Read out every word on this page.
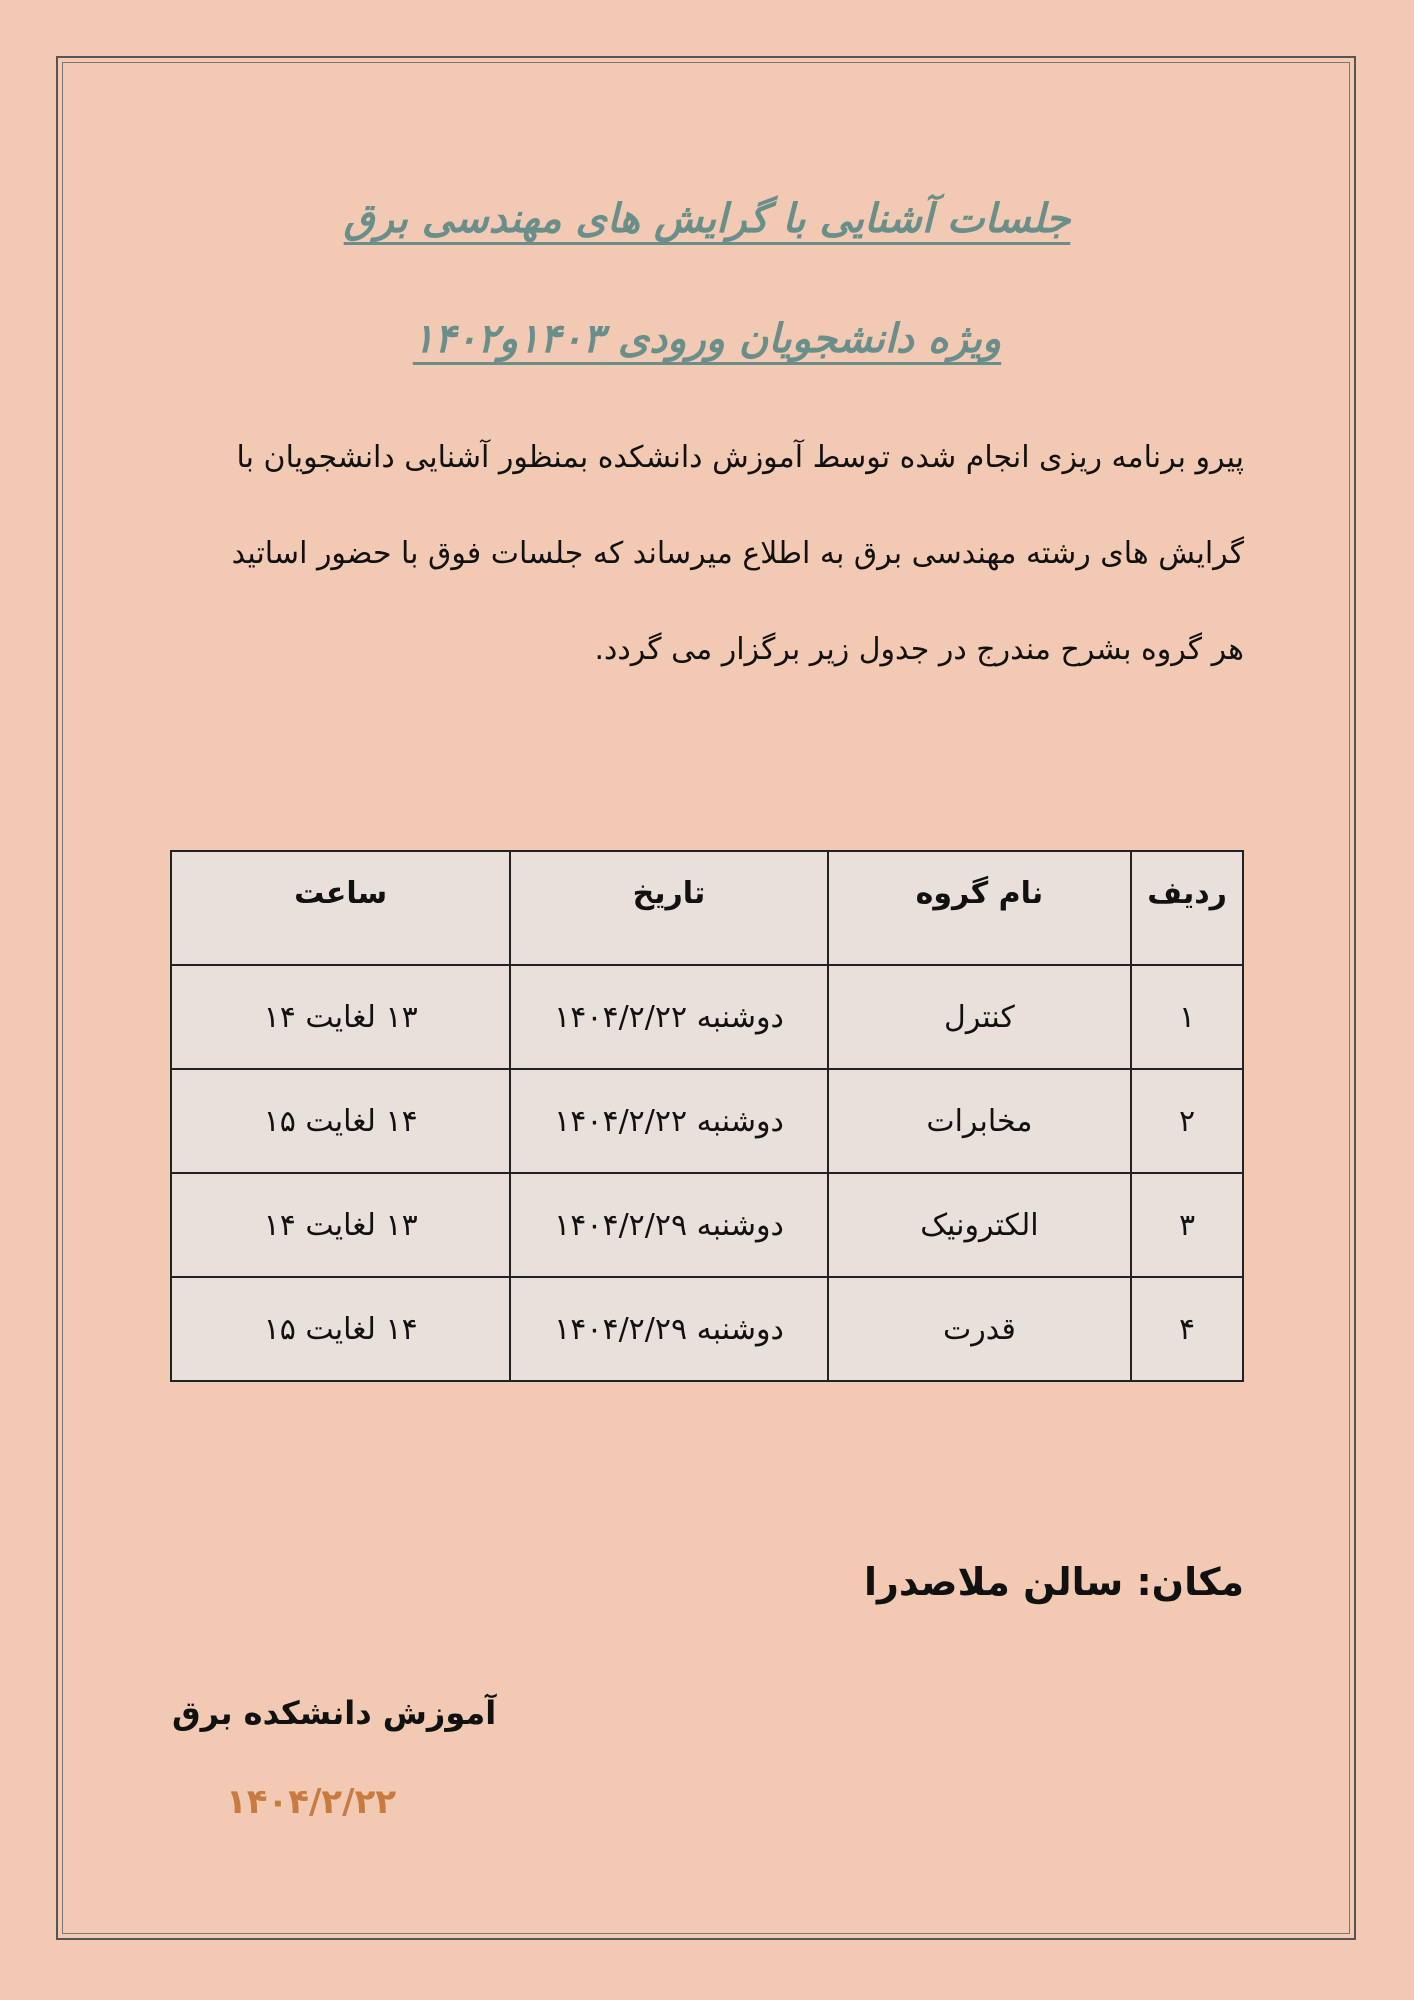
جلسات آشنایی با گرایش های مهندسی برق
ویژه دانشجویان ورودی ۱۴۰۳و۱۴۰۲
پیرو برنامه ریزی انجام شده توسط آموزش دانشکده بمنظور آشنایی دانشجویان با
گرایش های رشته مهندسی برق به اطلاع میرساند که جلسات فوق با حضور اساتید
هر گروه بشرح مندرج در جدول زیر برگزار می گردد.
ردیف	نام گروه	تاریخ	ساعت
۱	کنترل	دوشنبه ۱۴۰۴/۲/۲۲	۱۳ لغایت ۱۴
۲	مخابرات	دوشنبه ۱۴۰۴/۲/۲۲	۱۴ لغایت ۱۵
۳	الکترونیک	دوشنبه ۱۴۰۴/۲/۲۹	۱۳ لغایت ۱۴
۴	قدرت	دوشنبه ۱۴۰۴/۲/۲۹	۱۴ لغایت ۱۵
مکان: سالن ملاصدرا
آموزش دانشکده برق
۱۴۰۴/۲/۲۲
